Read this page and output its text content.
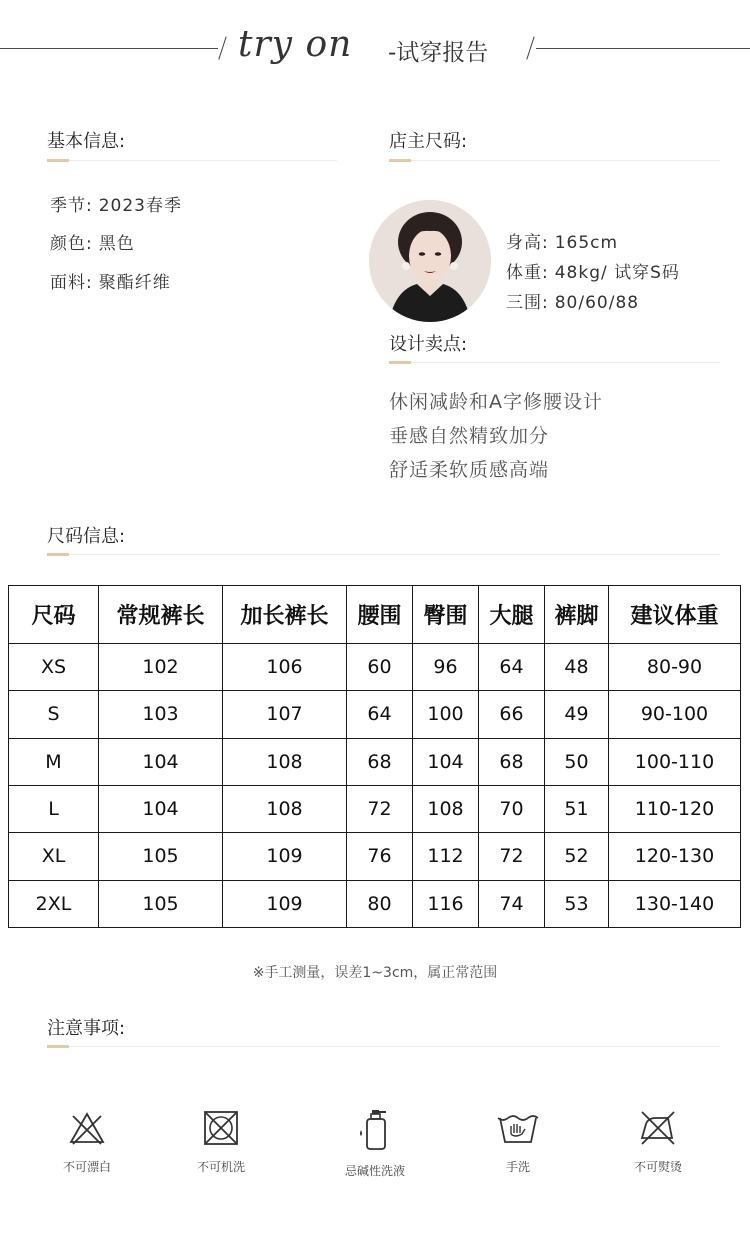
try on -试穿报告
基本信息:
季节: 2023春季
颜色: 黑色
面料: 聚酯纤维
店主尺码:
身高: 165cm
体重: 48kg/ 试穿S码
三围: 80/60/88
设计卖点:
休闲减龄和A字修腰设计
垂感自然精致加分
舒适柔软质感高端
尺码信息:
尺码	常规裤长	加长裤长	腰围	臀围	大腿	裤脚	建议体重
XS	102	106	60	96	64	48	80-90
S	103	107	64	100	66	49	90-100
M	104	108	68	104	68	50	100-110
L	104	108	72	108	70	51	110-120
XL	105	109	76	112	72	52	120-130
2XL	105	109	80	116	74	53	130-140
※手工测量，误差1~3cm，属正常范围
注意事项:
不可漂白	不可机洗	忌碱性洗液	手洗	不可熨烫
